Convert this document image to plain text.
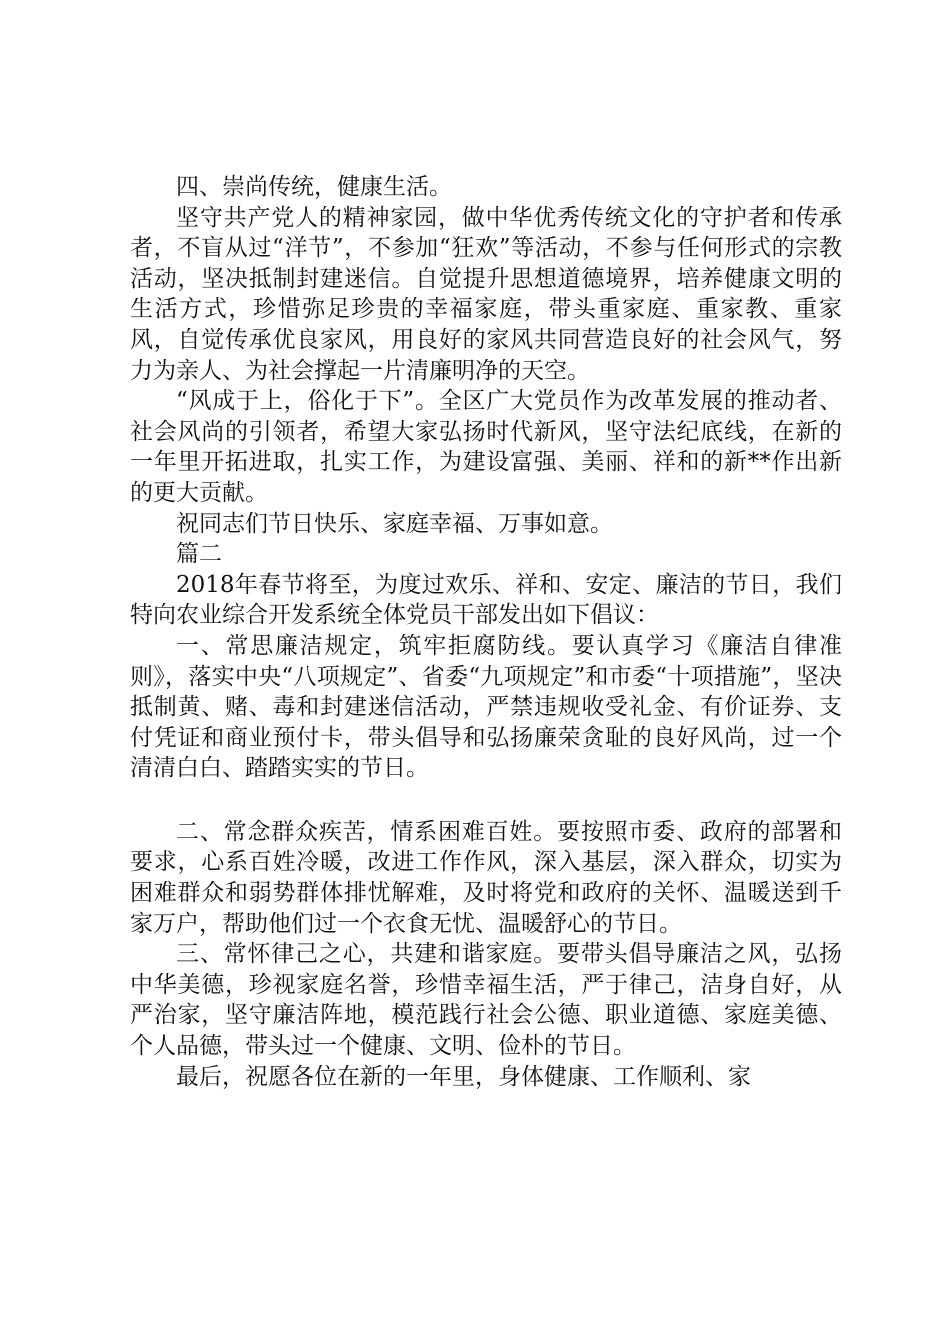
四、崇尚传统，健康生活。

坚守共产党人的精神家园，做中华优秀传统文化的守护者和传承者，不盲从过“洋节”，不参加“狂欢”等活动，不参与任何形式的宗教活动，坚决抵制封建迷信。自觉提升思想道德境界，培养健康文明的生活方式，珍惜弥足珍贵的幸福家庭，带头重家庭、重家教、重家风，自觉传承优良家风，用良好的家风共同营造良好的社会风气，努力为亲人、为社会撑起一片清廉明净的天空。

“风成于上，俗化于下”。全区广大党员作为改革发展的推动者、社会风尚的引领者，希望大家弘扬时代新风，坚守法纪底线，在新的一年里开拓进取，扎实工作，为建设富强、美丽、祥和的新**作出新的更大贡献。

祝同志们节日快乐、家庭幸福、万事如意。

篇二

2018年春节将至，为度过欢乐、祥和、安定、廉洁的节日，我们特向农业综合开发系统全体党员干部发出如下倡议：

一、常思廉洁规定，筑牢拒腐防线。要认真学习《廉洁自律准则》，落实中央“八项规定”、省委“九项规定”和市委“十项措施”，坚决抵制黄、赌、毒和封建迷信活动，严禁违规收受礼金、有价证券、支付凭证和商业预付卡，带头倡导和弘扬廉荣贪耻的良好风尚，过一个清清白白、踏踏实实的节日。

二、常念群众疾苦，情系困难百姓。要按照市委、政府的部署和要求，心系百姓冷暖，改进工作作风，深入基层，深入群众，切实为困难群众和弱势群体排忧解难，及时将党和政府的关怀、温暖送到千家万户，帮助他们过一个衣食无忧、温暖舒心的节日。

三、常怀律己之心，共建和谐家庭。要带头倡导廉洁之风，弘扬中华美德，珍视家庭名誉，珍惜幸福生活，严于律己，洁身自好，从严治家，坚守廉洁阵地，模范践行社会公德、职业道德、家庭美德、个人品德，带头过一个健康、文明、俭朴的节日。

最后，祝愿各位在新的一年里，身体健康、工作顺利、家
